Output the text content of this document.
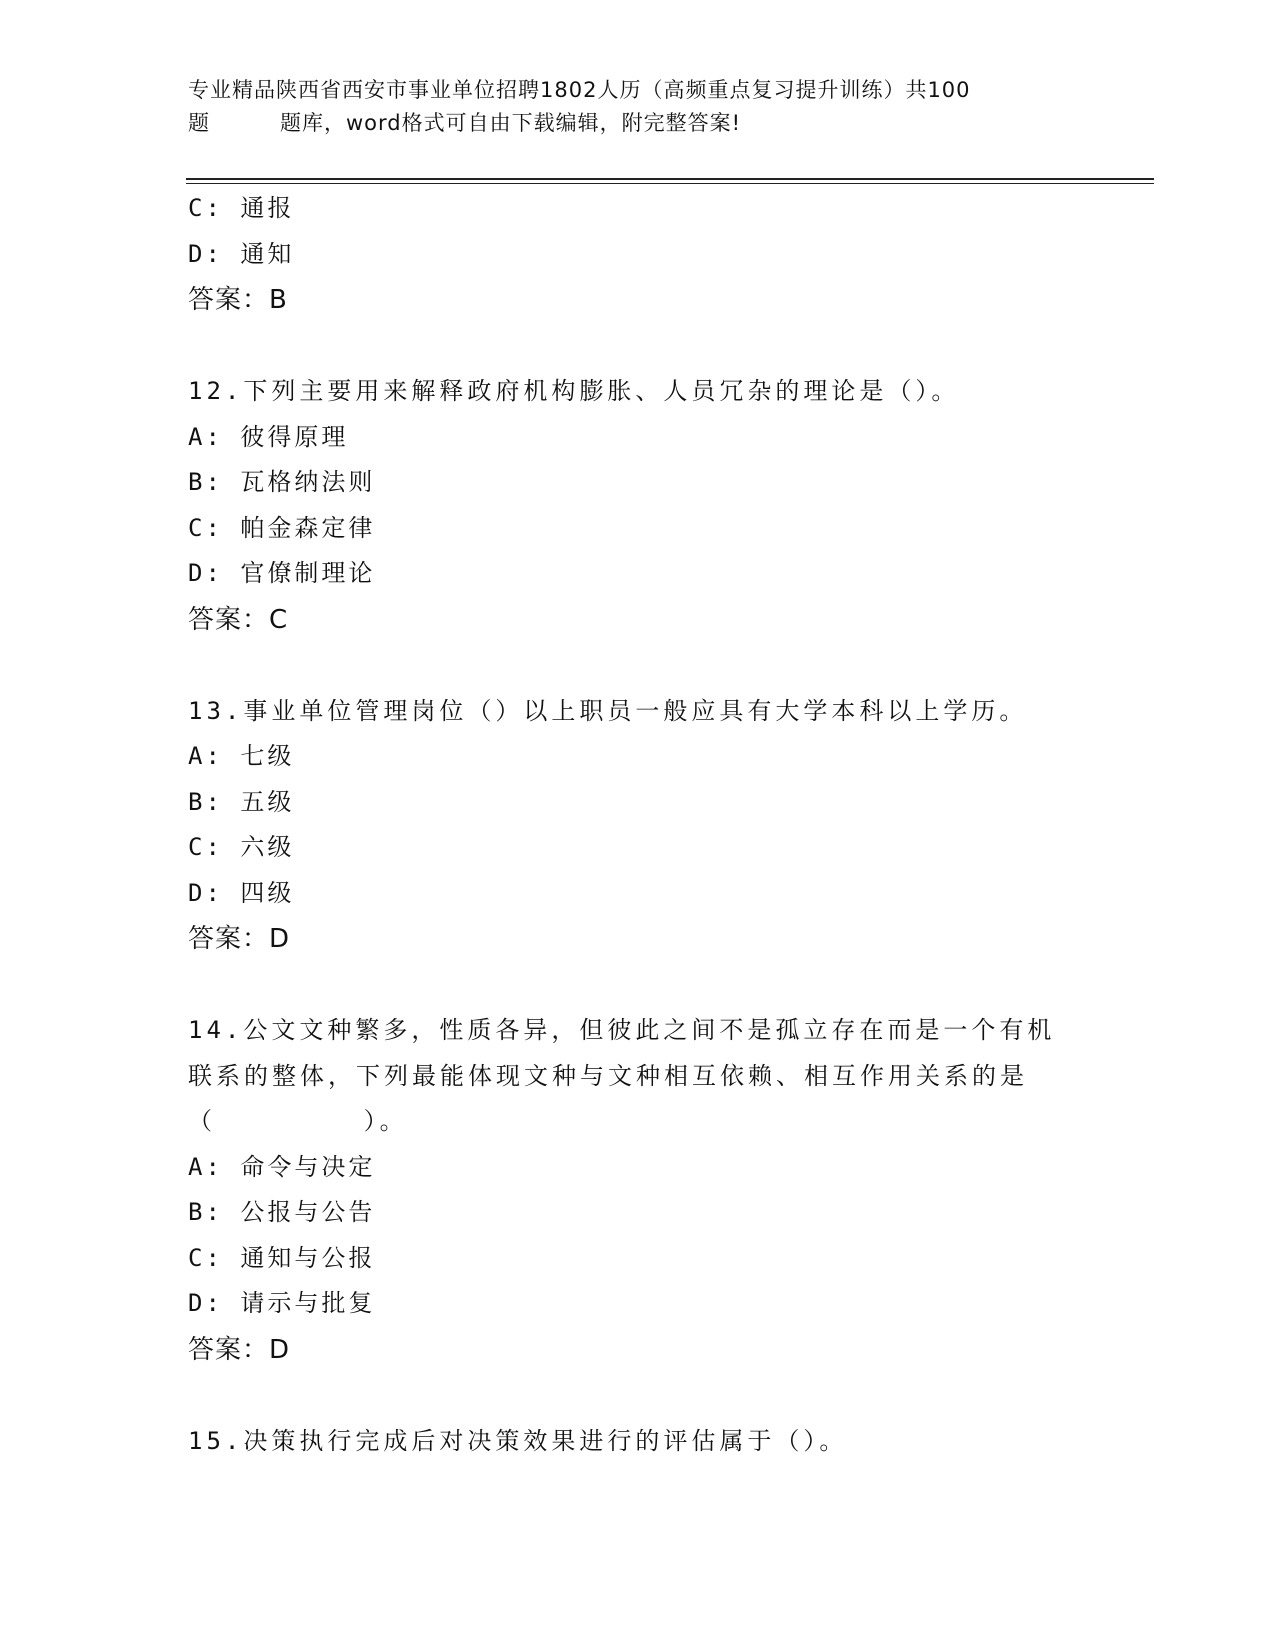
专业精品陕西省西安市事业单位招聘1802人历（高频重点复习提升训练）共100
题	题库，word格式可自由下载编辑，附完整答案!
C: 通报
D: 通知
答案：B
12.下列主要用来解释政府机构膨胀、人员冗杂的理论是（）。
A: 彼得原理
B: 瓦格纳法则
C: 帕金森定律
D: 官僚制理论
答案：C
13.事业单位管理岗位（）以上职员一般应具有大学本科以上学历。
A: 七级
B: 五级
C: 六级
D: 四级
答案：D
14.公文文种繁多，性质各异，但彼此之间不是孤立存在而是一个有机
联系的整体，下列最能体现文种与文种相互依赖、相互作用关系的是
（        ）。
A: 命令与决定
B: 公报与公告
C: 通知与公报
D: 请示与批复
答案：D
15.决策执行完成后对决策效果进行的评估属于（）。
